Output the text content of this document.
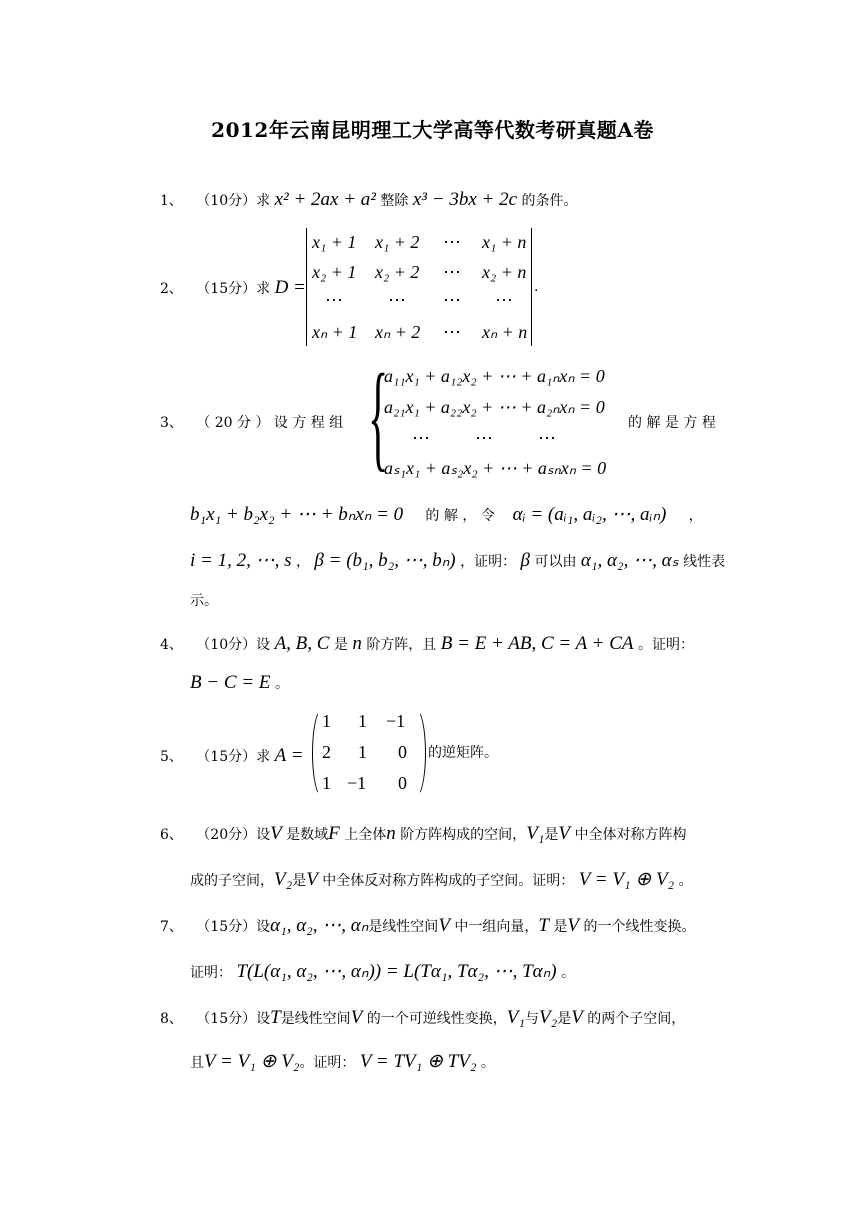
2012年云南昆明理工大学高等代数考研真题A卷
1、 （10分）求 x² + 2ax + a² 整除 x³ − 3bx + 2c 的条件。
2、 （15分）求 D =
x₁ + 1 x₁ + 2 ⋯ x₁ + n
x₂ + 1 x₂ + 2 ⋯ x₂ + n
⋯	⋯ ⋯ ⋯
xₙ + 1 xₙ + 2 ⋯ xₙ + n
.
3、 （ 20 分 ） 设 方 程 组 {
a₁₁x₁ + a₁₂x₂ + ⋯ + a₁ₙxₙ = 0
a₂₁x₁ + a₂₂x₂ + ⋯ + a₂ₙxₙ = 0
⋯          ⋯          ⋯
aₛ₁x₁ + aₛ₂x₂ + ⋯ + aₛₙxₙ = 0
的 解 是 方 程
b₁x₁ + b₂x₂ + ⋯ + bₙxₙ = 0 的 解 ， 令 αᵢ = (aᵢ₁, aᵢ₂, ⋯, aᵢₙ) ，
i = 1, 2, ⋯, s ， β = (b₁, b₂, ⋯, bₙ) ，证明： β 可以由 α₁, α₂, ⋯, αₛ 线性表
示。
4、 （10分）设 A, B, C 是 n 阶方阵，且 B = E + AB, C = A + CA 。证明：
B − C = E 。
5、 （15分）求 A =
1 1 −1
2 1 0
1 −1 0
的逆矩阵。
6、 （20分）设V 是数域F 上全体n 阶方阵构成的空间，V₁是V 中全体对称方阵构
成的子空间，V₂是V 中全体反对称方阵构成的子空间。证明： V = V₁ ⊕ V₂ 。
7、 （15分）设α₁, α₂, ⋯, αₙ是线性空间V 中一组向量，T 是V 的一个线性变换。
证明： T(L(α₁, α₂, ⋯, αₙ)) = L(Tα₁, Tα₂, ⋯, Tαₙ) 。
8、 （15分）设T是线性空间V 的一个可逆线性变换，V₁与V₂是V 的两个子空间，
且V = V₁ ⊕ V₂。证明： V = TV₁ ⊕ TV₂ 。
